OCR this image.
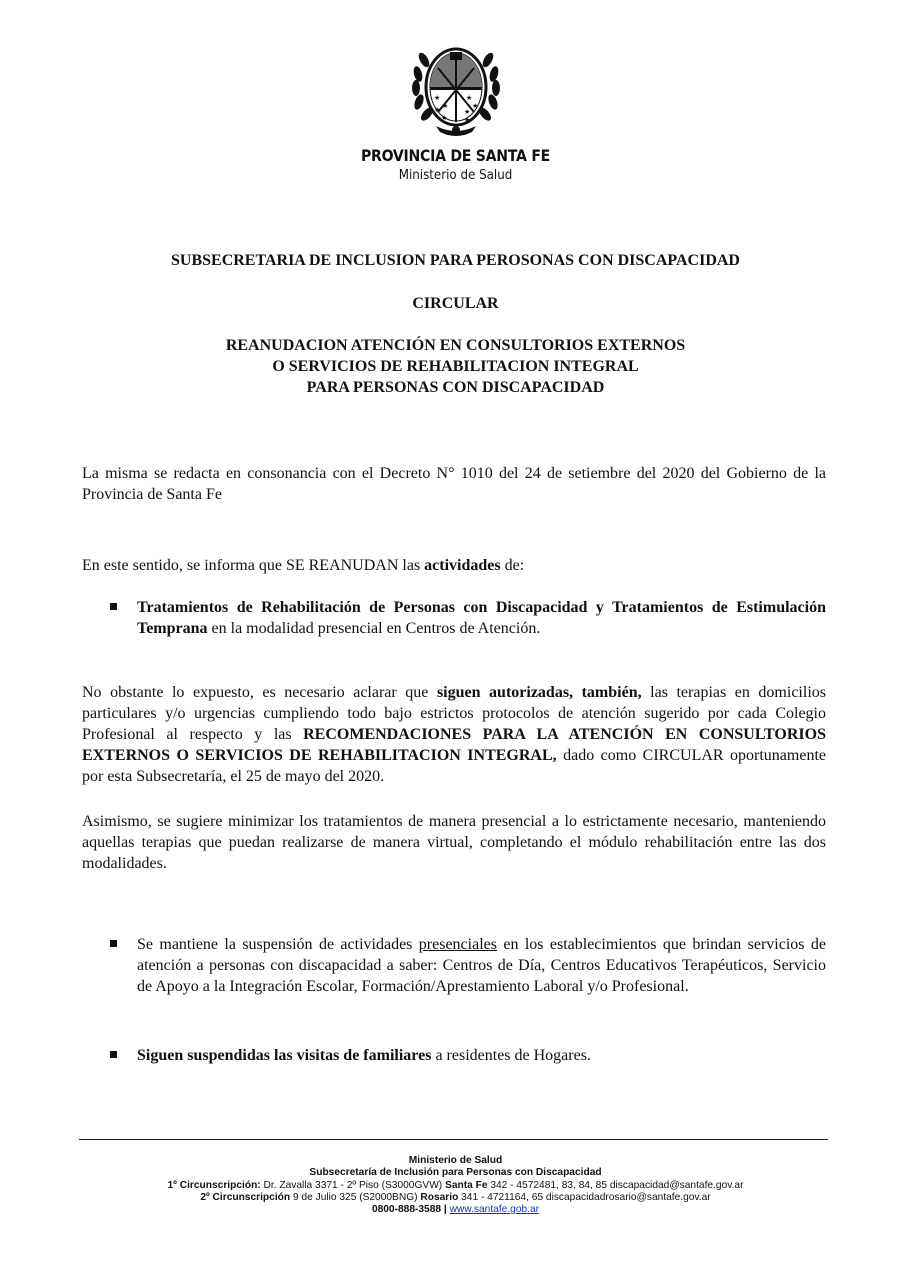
★
★
★
★
★
★
★ ★
PROVINCIA DE SANTA FE
Ministerio de Salud
SUBSECRETARIA DE INCLUSION PARA PEROSONAS CON DISCAPACIDAD
CIRCULAR
REANUDACION ATENCIÓN EN CONSULTORIOS EXTERNOS
O SERVICIOS DE REHABILITACION INTEGRAL
PARA PERSONAS CON DISCAPACIDAD
La misma se redacta en consonancia con el Decreto N° 1010 del 24 de setiembre del 2020 del Gobierno de la Provincia de Santa Fe
En este sentido, se informa que SE REANUDAN las actividades de:
Tratamientos de Rehabilitación de Personas con Discapacidad y Tratamientos de Estimulación Temprana en la modalidad presencial en Centros de Atención.
No obstante lo expuesto, es necesario aclarar que siguen autorizadas, también, las terapias en domicilios particulares y/o urgencias cumpliendo todo bajo estrictos protocolos de atención sugerido por cada Colegio Profesional al respecto y las RECOMENDACIONES PARA LA ATENCIÓN EN CONSULTORIOS EXTERNOS O SERVICIOS DE REHABILITACION INTEGRAL, dado como CIRCULAR oportunamente por esta Subsecretaría, el 25 de mayo del 2020.
Asimismo, se sugiere minimizar los tratamientos de manera presencial a lo estrictamente necesario, manteniendo aquellas terapias que puedan realizarse de manera virtual, completando el módulo rehabilitación entre las dos modalidades.
Se mantiene la suspensión de actividades presenciales en los establecimientos que brindan servicios de atención a personas con discapacidad a saber: Centros de Día, Centros Educativos Terapéuticos, Servicio de Apoyo a la Integración Escolar, Formación/Aprestamiento Laboral y/o Profesional.
Siguen suspendidas las visitas de familiares a residentes de Hogares.
Ministerio de Salud
Subsecretaría de Inclusión para Personas con Discapacidad
1º Circunscripción: Dr. Zavalla 3371 - 2º Piso (S3000GVW) Santa Fe 342 - 4572481, 83, 84, 85 discapacidad@santafe.gov.ar
2º Circunscripción 9 de Julio 325 (S2000BNG) Rosario 341 - 4721164, 65 discapacidadrosario@santafe.gov.ar
0800-888-3588 | www.santafe.gob.ar
